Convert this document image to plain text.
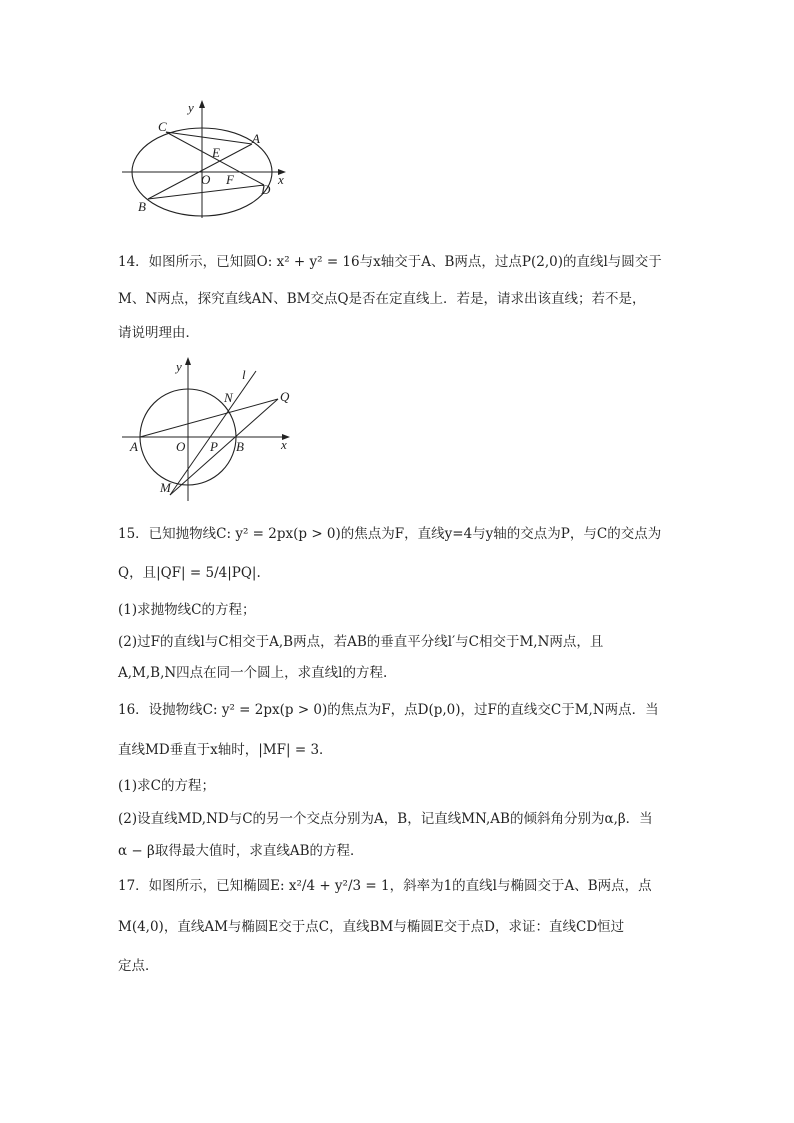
y
C
A
E
O F	x
D
B
14．如图所示，已知圆O: x² + y² = 16与x轴交于A、B两点，过点P(2,0)的直线l与圆交于
M、N两点，探究直线AN、BM交点Q是否在定直线上．若是，请求出该直线；若不是，
请说明理由．
y
l
Q
N
A	O P B	x
M
15．已知抛物线C: y² = 2px(p > 0)的焦点为F，直线y=4与y轴的交点为P，与C的交点为
Q，且|QF| = 5/4|PQ|.
(1)求抛物线C的方程；
(2)过F的直线l与C相交于A,B两点，若AB的垂直平分线l′与C相交于M,N两点，且
A,M,B,N四点在同一个圆上，求直线l的方程.
16．设抛物线C: y² = 2px(p > 0)的焦点为F，点D(p,0)，过F的直线交C于M,N两点．当
直线MD垂直于x轴时，|MF| = 3．
(1)求C的方程；
(2)设直线MD,ND与C的另一个交点分别为A，B，记直线MN,AB的倾斜角分别为α,β．当
α − β取得最大值时，求直线AB的方程．
17．如图所示，已知椭圆E: x²/4 + y²/3 = 1，斜率为1的直线l与椭圆交于A、B两点，点
M(4,0)，直线AM与椭圆E交于点C，直线BM与椭圆E交于点D，求证：直线CD恒过
定点．
